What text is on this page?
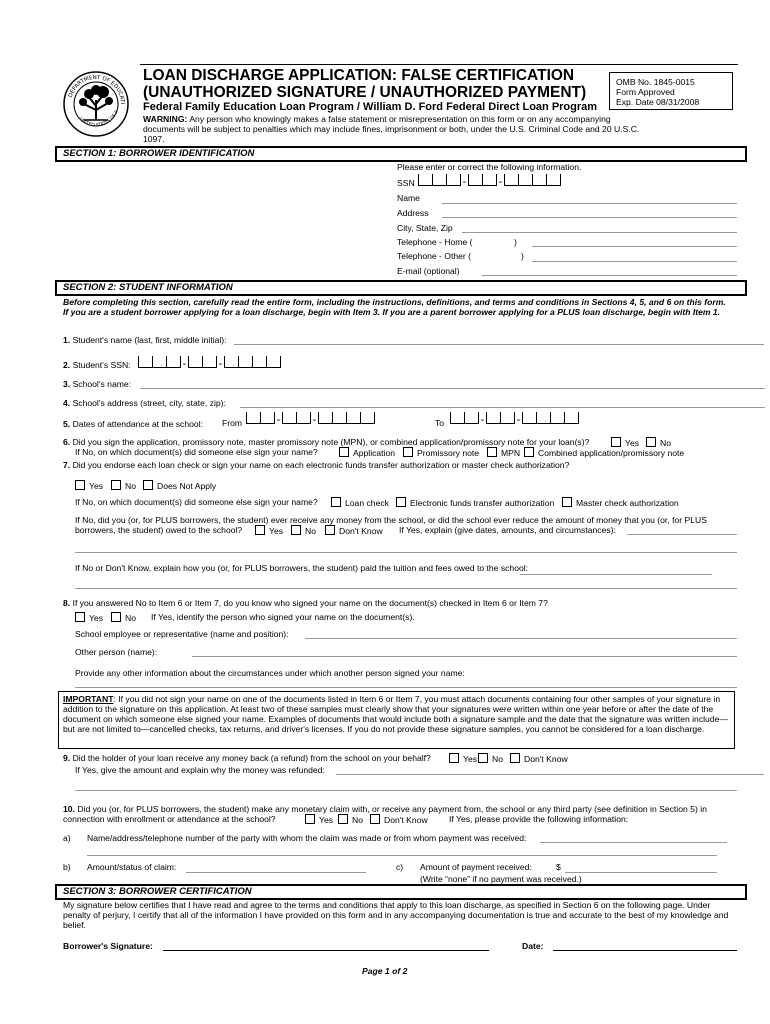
DEPARTMENT OF EDUCATI
UNITED STATES OF A
LOAN DISCHARGE APPLICATION: FALSE CERTIFICATION
(UNAUTHORIZED SIGNATURE / UNAUTHORIZED PAYMENT)
Federal Family Education Loan Program / William D. Ford Federal Direct Loan Program
OMB No. 1845-0015
Form Approved
Exp. Date 08/31/2008
WARNING: Any person who knowingly makes a false statement or misrepresentation on this form or on any accompanying documents will be subject to penalties which may include fines, imprisonment or both, under the U.S. Criminal Code and 20 U.S.C. 1097.
SECTION 1: BORROWER IDENTIFICATION
Please enter or correct the following information.
SSN	-	-
Name
Address
City, State, Zip
Telephone - Home (	)
Telephone - Other (	)
E-mail (optional)
SECTION 2: STUDENT INFORMATION
Before completing this section, carefully read the entire form, including the instructions, definitions, and terms and conditions in Sections 4, 5, and 6 on this form. If you are a student borrower applying for a loan discharge, begin with Item 3. If you are a parent borrower applying for a PLUS loan discharge, begin with Item 1.
1. Student's name (last, first, middle initial):
2. Student's SSN:	-	-
3. School's name:
4. School's address (street, city, state, zip):
5. Dates of attendance at the school: From	-	-	To	-	-
6. Did you sign the application, promissory note, master promissory note (MPN), or combined application/promissory note for your loan(s)?	Yes	No
If No, on which document(s) did someone else sign your name?	Application	Promissory note	MPN	Combined application/promissory note
7. Did you endorse each loan check or sign your name on each electronic funds transfer authorization or master check authorization?
Yes	No	Does Not Apply
If No, on which document(s) did someone else sign your name?	Loan check	Electronic funds transfer authorization	Master check authorization
If No, did you (or, for PLUS borrowers, the student) ever receive any money from the school, or did the school ever reduce the amount of money that you (or, for PLUS borrowers, the student) owed to the school?	Yes	No	Don't Know If Yes, explain (give dates, amounts, and circumstances):
If No or Don't Know, explain how you (or, for PLUS borrowers, the student) paid the tuition and fees owed to the school:
8. If you answered No to Item 6 or Item 7, do you know who signed your name on the document(s) checked in Item 6 or Item 7?
Yes	No If Yes, identify the person who signed your name on the document(s).
School employee or representative (name and position):
Other person (name):
Provide any other information about the circumstances under which another person signed your name:
IMPORTANT: If you did not sign your name on one of the documents listed in Item 6 or Item 7, you must attach documents containing four other samples of your signature in addition to the signature on this application. At least two of these samples must clearly show that your signatures were written within one year before or after the date of the document on which someone else signed your name. Examples of documents that would include both a signature sample and the date that the signature was written include—but are not limited to—cancelled checks, tax returns, and driver's licenses. If you do not provide these signature samples, you cannot be considered for a loan discharge.
9. Did the holder of your loan receive any money back (a refund) from the school on your behalf?	Yes	No	Don't Know
If Yes, give the amount and explain why the money was refunded:
10. Did you (or, for PLUS borrowers, the student) make any monetary claim with, or receive any payment from, the school or any third party (see definition in Section 5) in connection with enrollment or attendance at the school?	Yes	No	Don't Know If Yes, please provide the following information:
a) Name/address/telephone number of the party with whom the claim was made or from whom payment was received:
b) Amount/status of claim:	c) Amount of payment received:	$
(Write “none” if no payment was received.)
SECTION 3: BORROWER CERTIFICATION
My signature below certifies that I have read and agree to the terms and conditions that apply to this loan discharge, as specified in Section 6 on the following page. Under penalty of perjury, I certify that all of the information I have provided on this form and in any accompanying documentation is true and accurate to the best of my knowledge and belief.
Borrower's Signature:	Date:
Page 1 of 2
